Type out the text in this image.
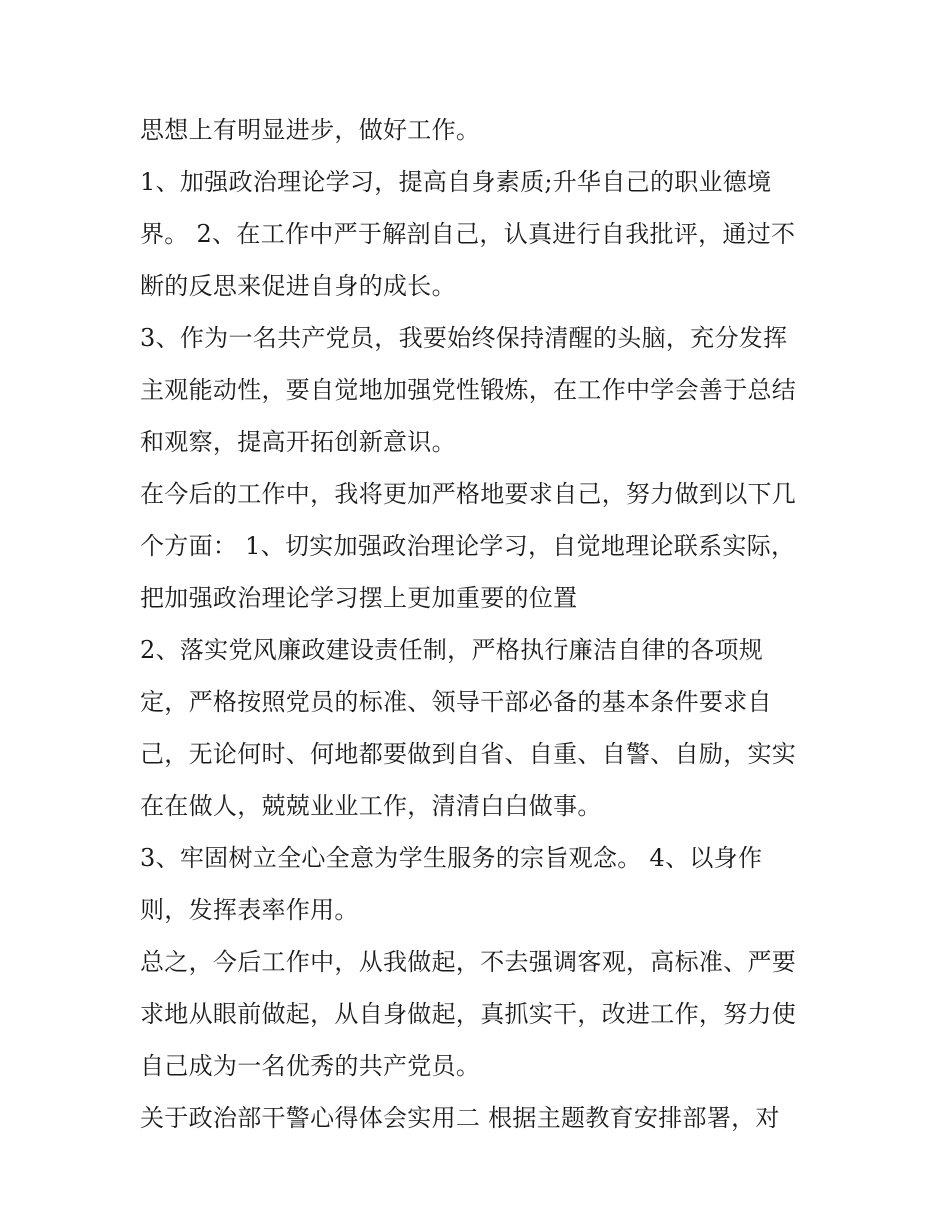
思想上有明显进步，做好工作。
1、加强政治理论学习，提高自身素质;升华自己的职业德境
界。 2、在工作中严于解剖自己，认真进行自我批评，通过不
断的反思来促进自身的成长。
3、作为一名共产党员，我要始终保持清醒的头脑，充分发挥
主观能动性，要自觉地加强党性锻炼，在工作中学会善于总结
和观察，提高开拓创新意识。
在今后的工作中，我将更加严格地要求自己，努力做到以下几
个方面： 1、切实加强政治理论学习，自觉地理论联系实际，
把加强政治理论学习摆上更加重要的位置
2、落实党风廉政建设责任制，严格执行廉洁自律的各项规
定，严格按照党员的标准、领导干部必备的基本条件要求自
己，无论何时、何地都要做到自省、自重、自警、自励，实实
在在做人，兢兢业业工作，清清白白做事。
3、牢固树立全心全意为学生服务的宗旨观念。 4、以身作
则，发挥表率作用。
总之，今后工作中，从我做起，不去强调客观，高标准、严要
求地从眼前做起，从自身做起，真抓实干，改进工作，努力使
自己成为一名优秀的共产党员。
关于政治部干警心得体会实用二 根据主题教育安排部署，对
